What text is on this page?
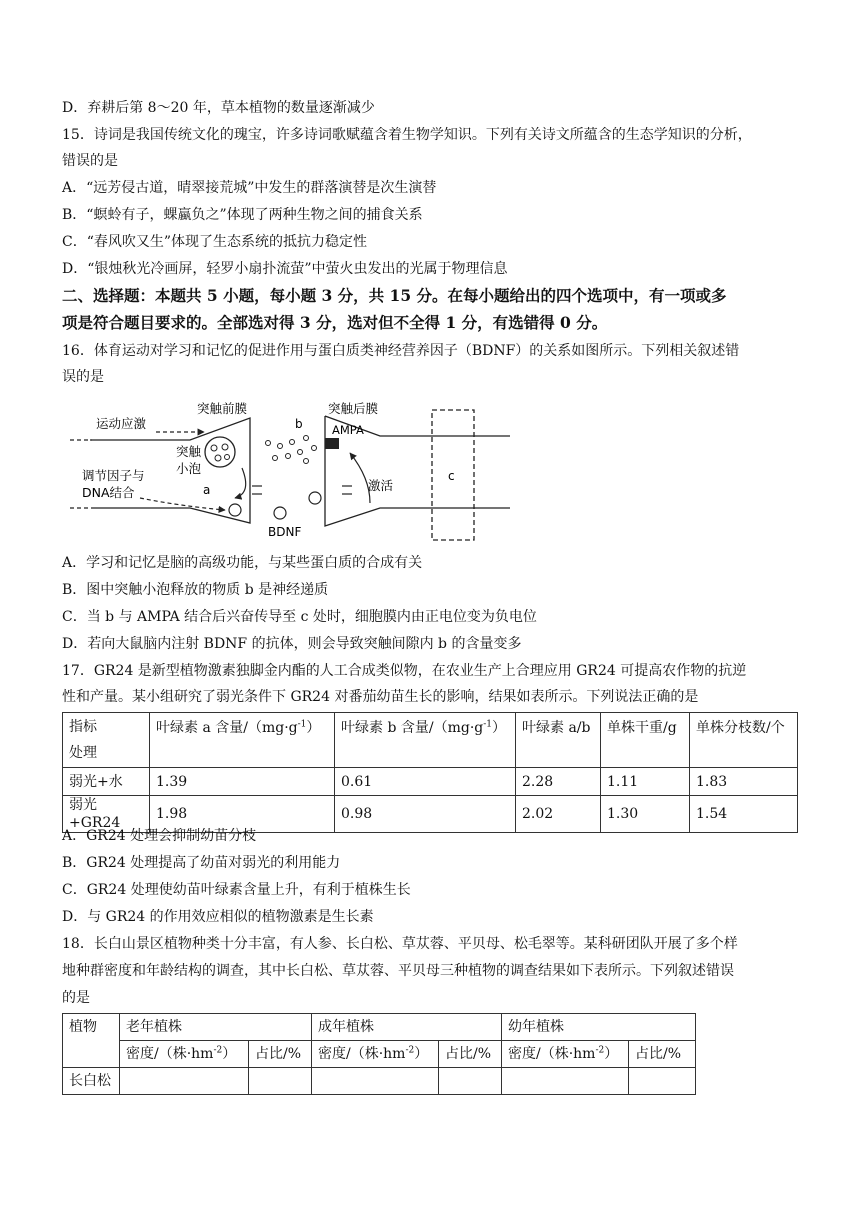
D．弃耕后第 8～20 年，草本植物的数量逐渐减少
15．诗词是我国传统文化的瑰宝，许多诗词歌赋蕴含着生物学知识。下列有关诗文所蕴含的生态学知识的分析，
错误的是
A．“远芳侵古道，晴翠接荒城”中发生的群落演替是次生演替
B．“螟蛉有子，蜾蠃负之”体现了两种生物之间的捕食关系
C．“春风吹又生”体现了生态系统的抵抗力稳定性
D．“银烛秋光冷画屏，轻罗小扇扑流萤”中萤火虫发出的光属于物理信息
二、选择题：本题共 5 小题，每小题 3 分，共 15 分。在每小题给出的四个选项中，有一项或多
项是符合题目要求的。全部选对得 3 分，选对但不全得 1 分，有选错得 0 分。
16．体育运动对学习和记忆的促进作用与蛋白质类神经营养因子（BDNF）的关系如图所示。下列相关叙述错
误的是
c
突触前膜	突触后膜
运动应激
调节因子与
DNA结合
突触
小泡
b	AMPA
a
BDNF
激活
A．学习和记忆是脑的高级功能，与某些蛋白质的合成有关
B．图中突触小泡释放的物质 b 是神经递质
C．当 b 与 AMPA 结合后兴奋传导至 c 处时，细胞膜内由正电位变为负电位
D．若向大鼠脑内注射 BDNF 的抗体，则会导致突触间隙内 b 的含量变多
17．GR24 是新型植物激素独脚金内酯的人工合成类似物，在农业生产上合理应用 GR24 可提高农作物的抗逆
性和产量。某小组研究了弱光条件下 GR24 对番茄幼苗生长的影响，结果如表所示。下列说法正确的是
指标
处理	叶绿素 a 含量$/(mg\cdot g^{-1})$	叶绿素 b 含量$/(mg\cdot g^{-1})$	叶绿素 a/b	单株干重/g	单株分枝数/个
弱光+水	1.39	0.61	2.28	1.11	1.83
弱光+GR24	1.98	0.98	2.02	1.30	1.54
A．GR24 处理会抑制幼苗分枝
B．GR24 处理提高了幼苗对弱光的利用能力
C．GR24 处理使幼苗叶绿素含量上升，有利于植株生长
D．与 GR24 的作用效应相似的植物激素是生长素
18．长白山景区植物种类十分丰富，有人参、长白松、草苁蓉、平贝母、松毛翠等。某科研团队开展了多个样
地种群密度和年龄结构的调查，其中长白松、草苁蓉、平贝母三种植物的调查结果如下表所示。下列叙述错误
的是
植物	老年植株		成年植株		幼年植株	
	密度/（株$\cdot hm^{-2}$）	占比/%	密度/（株$\cdot hm^{-2}$）	占比/%	密度/（株$\cdot hm^{-2}$）	占比/%
长白松						
